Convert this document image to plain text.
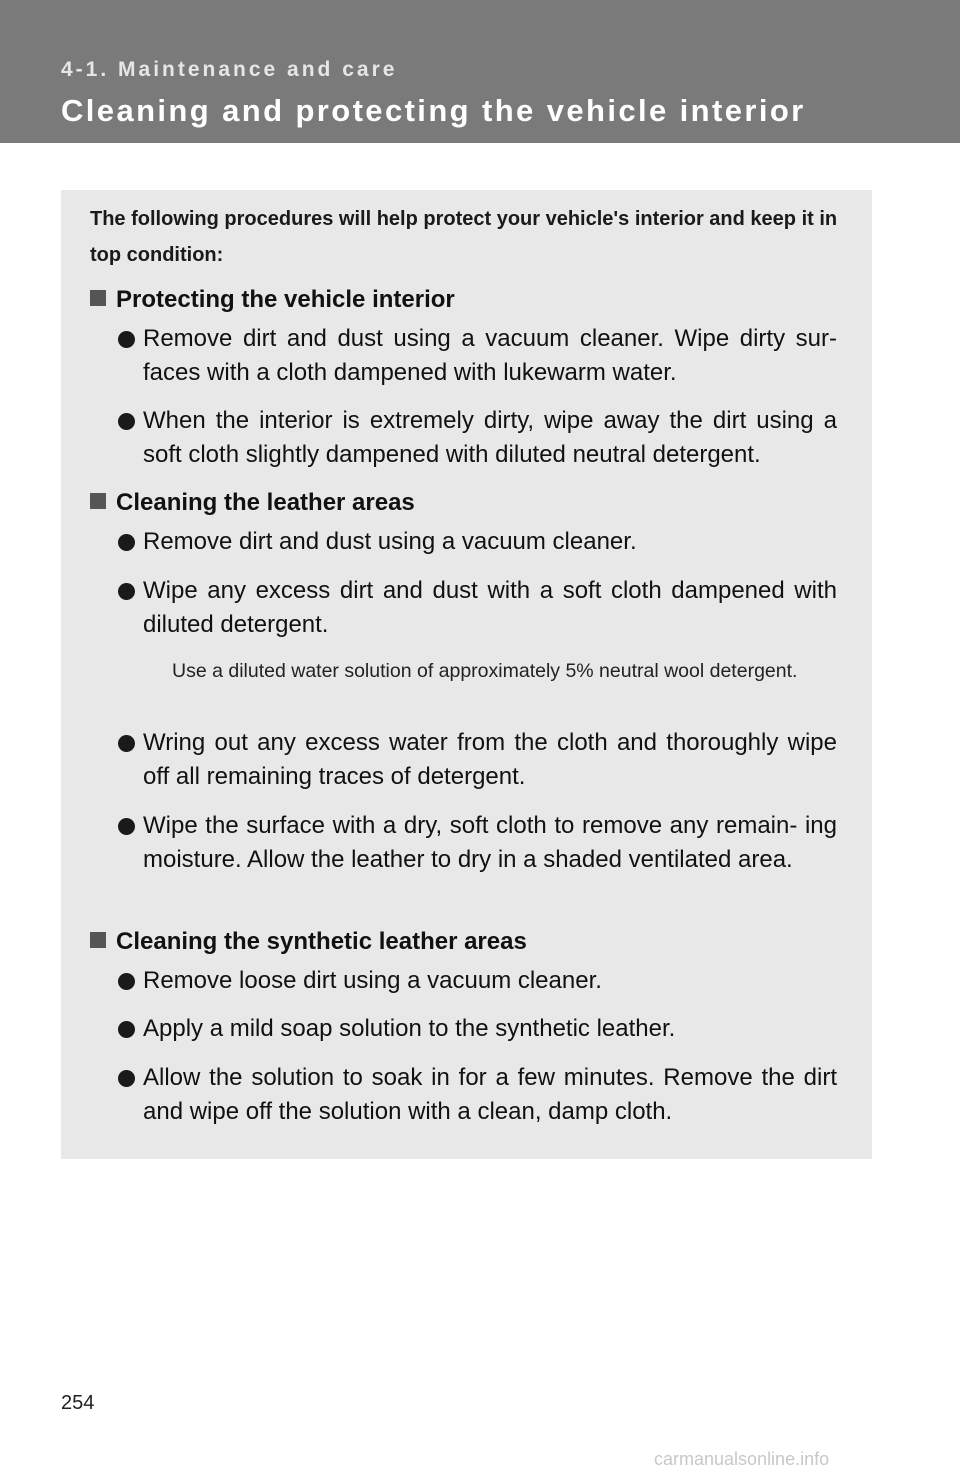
4-1. Maintenance and care
Cleaning and protecting the vehicle interior
The following procedures will help protect your vehicle's interior and keep it in top condition:
Protecting the vehicle interior
Remove dirt and dust using a vacuum cleaner. Wipe dirty sur- faces with a cloth dampened with lukewarm water.
When the interior is extremely dirty, wipe away the dirt using a soft cloth slightly dampened with diluted neutral detergent.
Cleaning the leather areas
Remove dirt and dust using a vacuum cleaner.
Wipe any excess dirt and dust with a soft cloth dampened with diluted detergent.
Use a diluted water solution of approximately 5% neutral wool detergent.
Wring out any excess water from the cloth and thoroughly wipe off all remaining traces of detergent.
Wipe the surface with a dry, soft cloth to remove any remain- ing moisture. Allow the leather to dry in a shaded ventilated area.
Cleaning the synthetic leather areas
Remove loose dirt using a vacuum cleaner.
Apply a mild soap solution to the synthetic leather.
Allow the solution to soak in for a few minutes. Remove the dirt and wipe off the solution with a clean, damp cloth.
254
carmanualsonline.info
